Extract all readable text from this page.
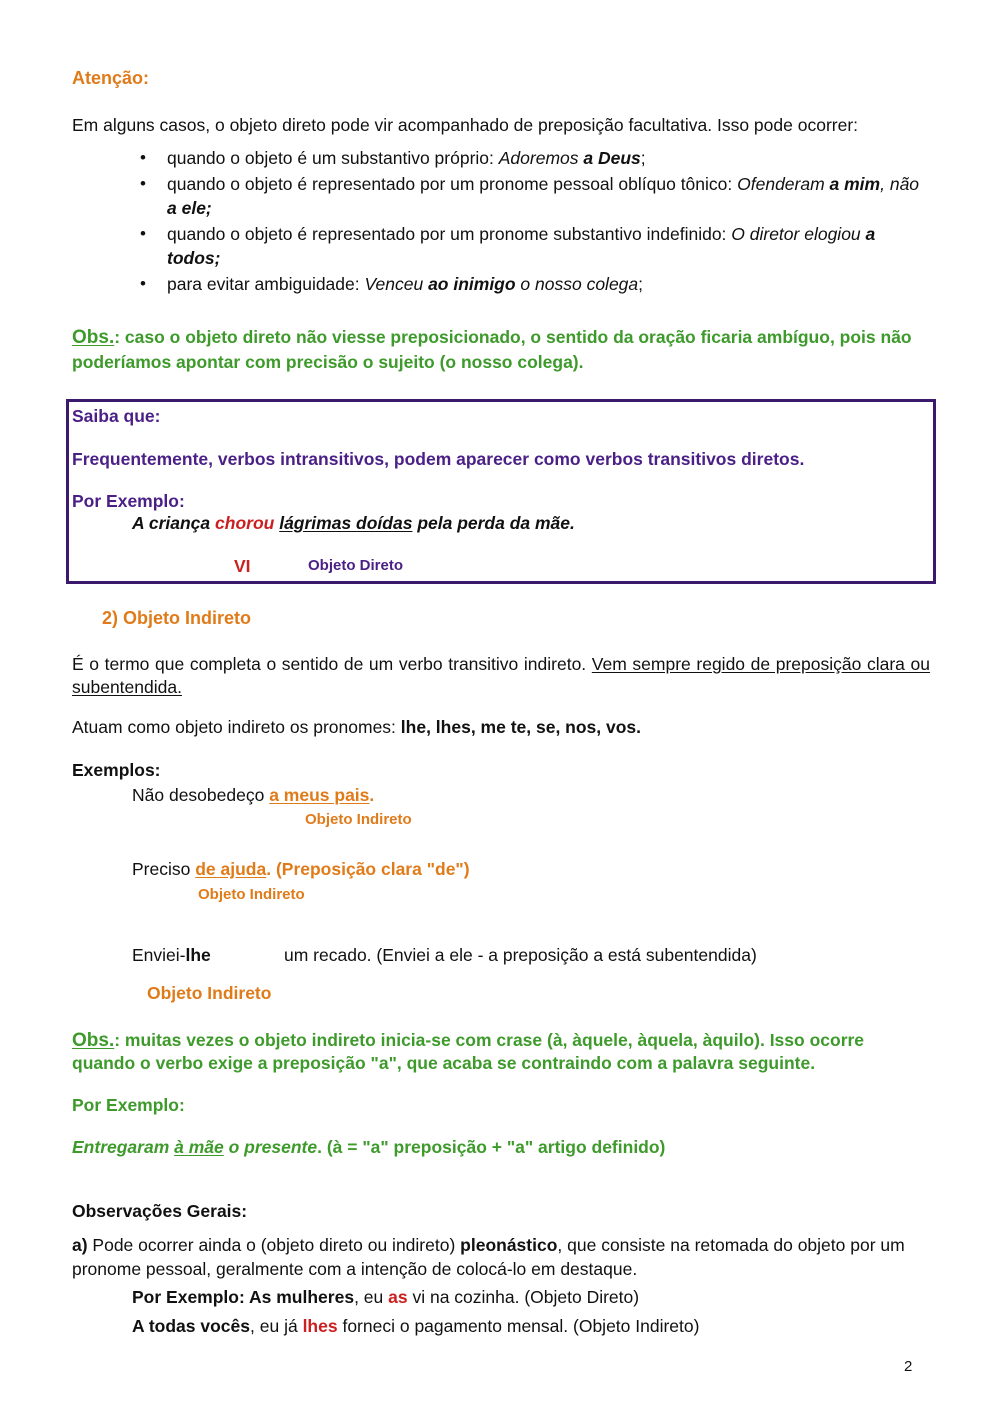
Atenção:
Em alguns casos, o objeto direto pode vir acompanhado de preposição facultativa. Isso pode ocorrer:
• quando o objeto é um substantivo próprio: Adoremos a Deus;
• quando o objeto é representado por um pronome pessoal oblíquo tônico: Ofenderam a mim, não a ele;
• quando o objeto é representado por um pronome substantivo indefinido: O diretor elogiou a todos;
• para evitar ambiguidade: Venceu ao inimigo o nosso colega;
Obs.: caso o objeto direto não viesse preposicionado, o sentido da oração ficaria ambíguo, pois não poderíamos apontar com precisão o sujeito (o nosso colega).
Saiba que:
Frequentemente, verbos intransitivos, podem aparecer como verbos transitivos diretos.
Por Exemplo:
A criança chorou lágrimas doídas pela perda da mãe.
VI	Objeto Direto
2) Objeto Indireto
É o termo que completa o sentido de um verbo transitivo indireto. Vem sempre regido de preposição clara ou subentendida.
Atuam como objeto indireto os pronomes: lhe, lhes, me te, se, nos, vos.
Exemplos:
Não desobedeço a meus pais.
Objeto Indireto
Preciso de ajuda. (Preposição clara "de")
Objeto Indireto
Enviei-lhe	um recado. (Enviei a ele - a preposição a está subentendida)
Objeto Indireto
Obs.: muitas vezes o objeto indireto inicia-se com crase (à, àquele, àquela, àquilo). Isso ocorre quando o verbo exige a preposição "a", que acaba se contraindo com a palavra seguinte.
Por Exemplo:
Entregaram à mãe o presente. (à = "a" preposição + "a" artigo definido)
Observações Gerais:
a) Pode ocorrer ainda o (objeto direto ou indireto) pleonástico, que consiste na retomada do objeto por um pronome pessoal, geralmente com a intenção de colocá-lo em destaque.
Por Exemplo: As mulheres, eu as vi na cozinha. (Objeto Direto)
A todas vocês, eu já lhes forneci o pagamento mensal. (Objeto Indireto)
2
